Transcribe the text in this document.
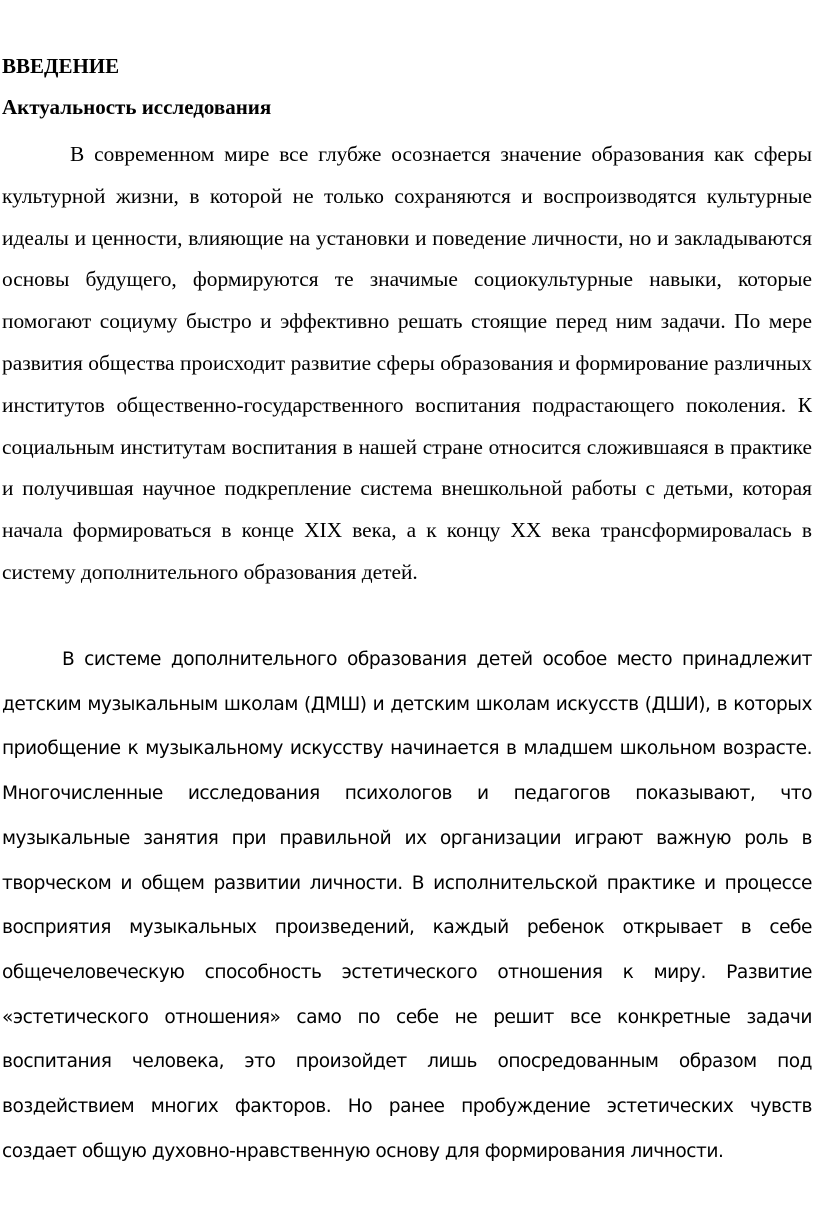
ВВЕДЕНИЕ
Актуальность исследования

В современном мире все глубже осознается значение образования как сферы культурной жизни, в которой не только сохраняются и воспроизводятся культурные идеалы и ценности, влияющие на установки и поведение личности, но и закладываются основы будущего, формируются те значимые социокультурные навыки, которые помогают социуму быстро и эффективно решать стоящие перед ним задачи. По мере развития общества происходит развитие сферы образования и формирование различных институтов общественно-государственного воспитания подрастающего поколения. К социальным институтам воспитания в нашей стране относится сложившаяся в практике и получившая научное подкрепление система внешкольной работы с детьми, которая начала формироваться в конце XIX века, а к концу XX века трансформировалась в систему дополнительного образования детей.

В системе дополнительного образования детей особое место принадлежит детским музыкальным школам (ДМШ) и детским школам искусств (ДШИ), в которых приобщение к музыкальному искусству начинается в младшем школьном возрасте. Многочисленные исследования психологов и педагогов показывают, что музыкальные занятия при правильной их организации играют важную роль в творческом и общем развитии личности. В исполнительской практике и процессе восприятия музыкальных произведений, каждый ребенок открывает в себе общечеловеческую способность эстетического отношения к миру. Развитие «эстетического отношения» само по себе не решит все конкретные задачи воспитания человека, это произойдет лишь опосредованным образом под воздействием многих факторов. Но ранее пробуждение эстетических чувств создает общую духовно-нравственную основу для формирования личности.
